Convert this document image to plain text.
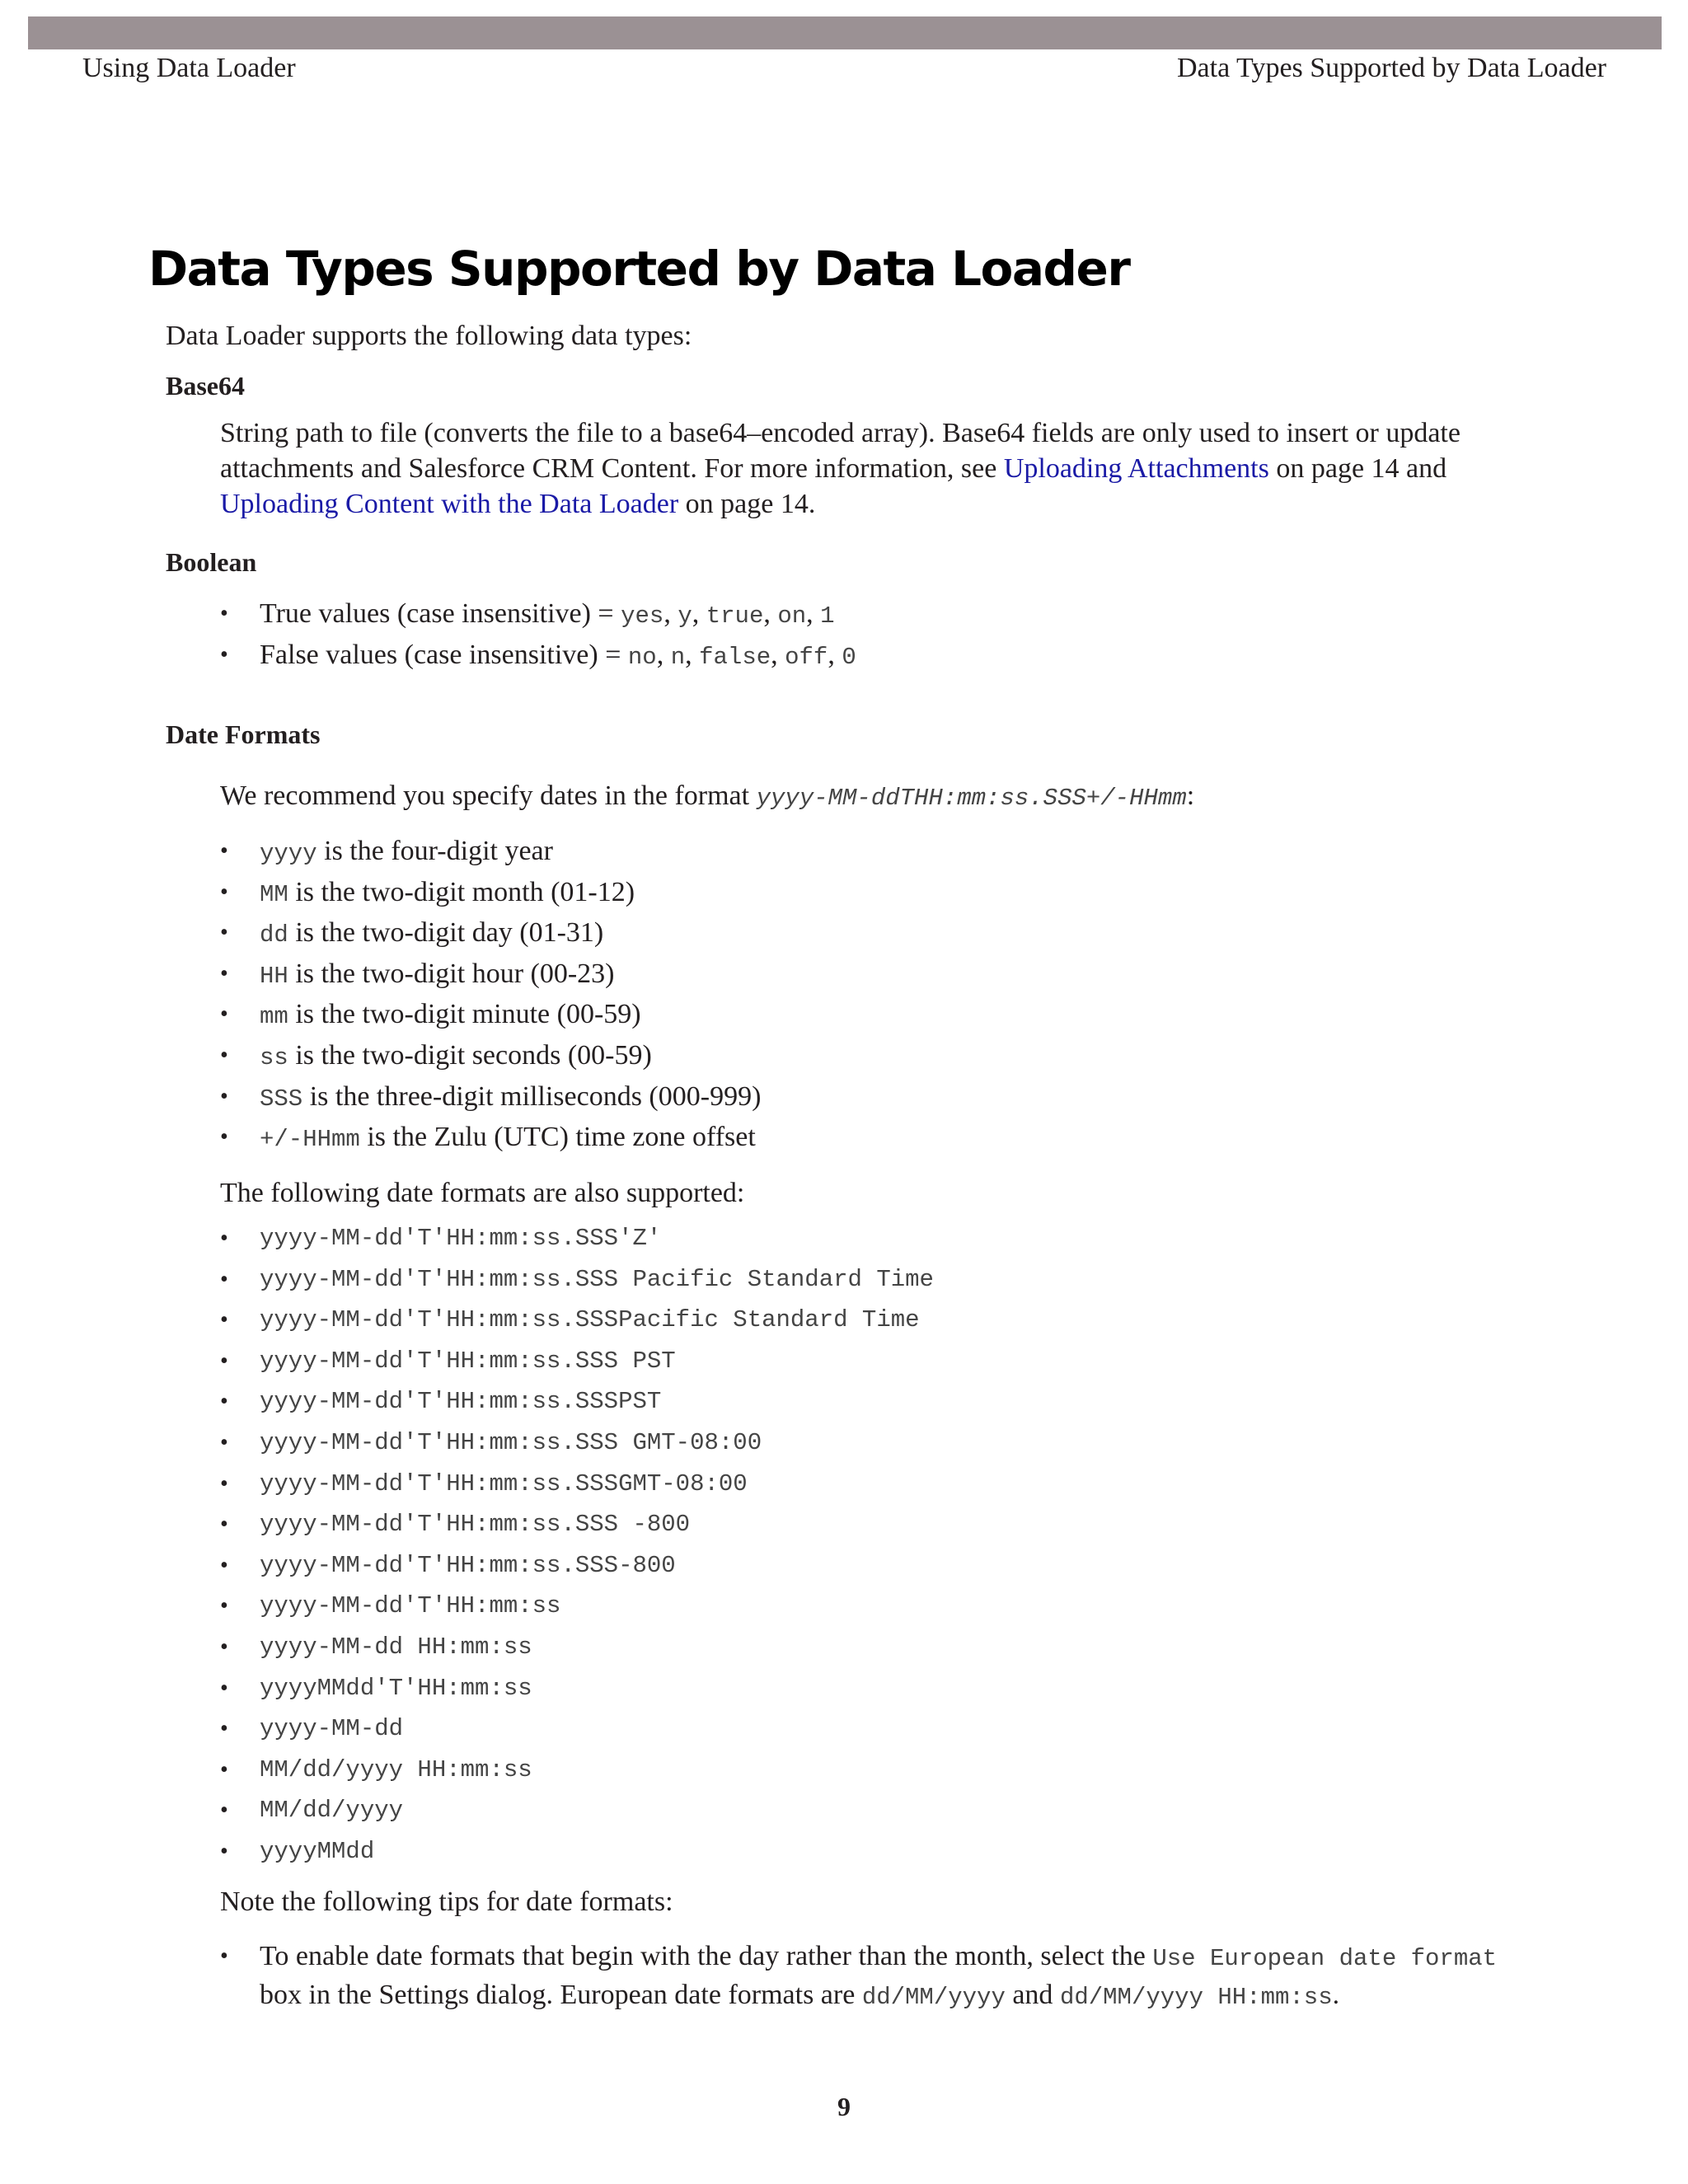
Using Data Loader	Data Types Supported by Data Loader
Data Types Supported by Data Loader

Data Loader supports the following data types:

Base64

String path to file (converts the file to a base64–encoded array). Base64 fields are only used to insert or update attachments and Salesforce CRM Content. For more information, see Uploading Attachments on page 14 and Uploading Content with the Data Loader on page 14.

Boolean
• True values (case insensitive) = yes, y, true, on, 1
• False values (case insensitive) = no, n, false, off, 0
Date Formats

We recommend you specify dates in the format yyyy-MM-ddTHH:mm:ss.SSS+/-HHmm:

• yyyy is the four-digit year
• MM is the two-digit month (01-12)
• dd is the two-digit day (01-31)
• HH is the two-digit hour (00-23)
• mm is the two-digit minute (00-59)
• ss is the two-digit seconds (00-59)
• SSS is the three-digit milliseconds (000-999)
• +/-HHmm is the Zulu (UTC) time zone offset

The following date formats are also supported:

• yyyy-MM-dd'T'HH:mm:ss.SSS'Z'
• yyyy-MM-dd'T'HH:mm:ss.SSS Pacific Standard Time
• yyyy-MM-dd'T'HH:mm:ss.SSSPacific Standard Time
• yyyy-MM-dd'T'HH:mm:ss.SSS PST
• yyyy-MM-dd'T'HH:mm:ss.SSSPST
• yyyy-MM-dd'T'HH:mm:ss.SSS GMT-08:00
• yyyy-MM-dd'T'HH:mm:ss.SSSGMT-08:00
• yyyy-MM-dd'T'HH:mm:ss.SSS -800
• yyyy-MM-dd'T'HH:mm:ss.SSS-800
• yyyy-MM-dd'T'HH:mm:ss
• yyyy-MM-dd HH:mm:ss
• yyyyMMdd'T'HH:mm:ss
• yyyy-MM-dd
• MM/dd/yyyy HH:mm:ss
• MM/dd/yyyy
• yyyyMMdd

Note the following tips for date formats:

• To enable date formats that begin with the day rather than the month, select the Use European date format box in the Settings dialog. European date formats are dd/MM/yyyy and dd/MM/yyyy HH:mm:ss.
9
